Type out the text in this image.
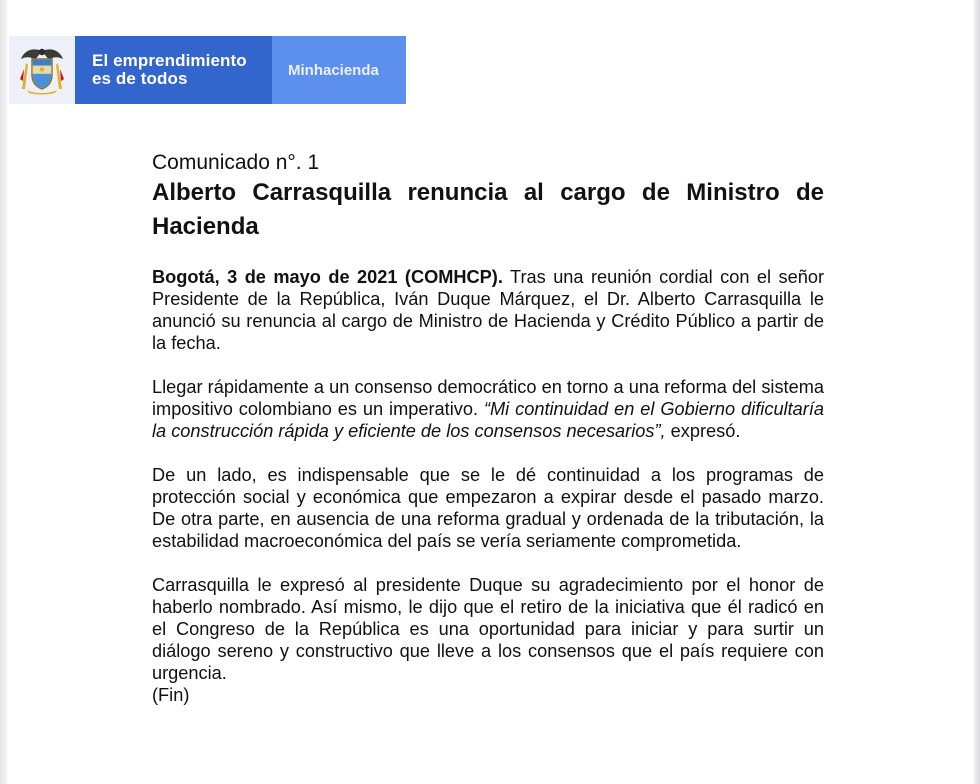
El emprendimiento
es de todos	Minhacienda
Comunicado n°. 1
Alberto Carrasquilla renuncia al cargo de Ministro de Hacienda

Bogotá, 3 de mayo de 2021 (COMHCP). Tras una reunión cordial con el señor Presidente de la República, Iván Duque Márquez, el Dr. Alberto Carrasquilla le anunció su renuncia al cargo de Ministro de Hacienda y Crédito Público a partir de la fecha.

Llegar rápidamente a un consenso democrático en torno a una reforma del sistema impositivo colombiano es un imperativo. “Mi continuidad en el Gobierno dificultaría la construcción rápida y eficiente de los consensos necesarios”, expresó.

De un lado, es indispensable que se le dé continuidad a los programas de protección social y económica que empezaron a expirar desde el pasado marzo. De otra parte, en ausencia de una reforma gradual y ordenada de la tributación, la estabilidad macroeconómica del país se vería seriamente comprometida.

Carrasquilla le expresó al presidente Duque su agradecimiento por el honor de haberlo nombrado. Así mismo, le dijo que el retiro de la iniciativa que él radicó en el Congreso de la República es una oportunidad para iniciar y para surtir un diálogo sereno y constructivo que lleve a los consensos que el país requiere con urgencia.

(Fin)
